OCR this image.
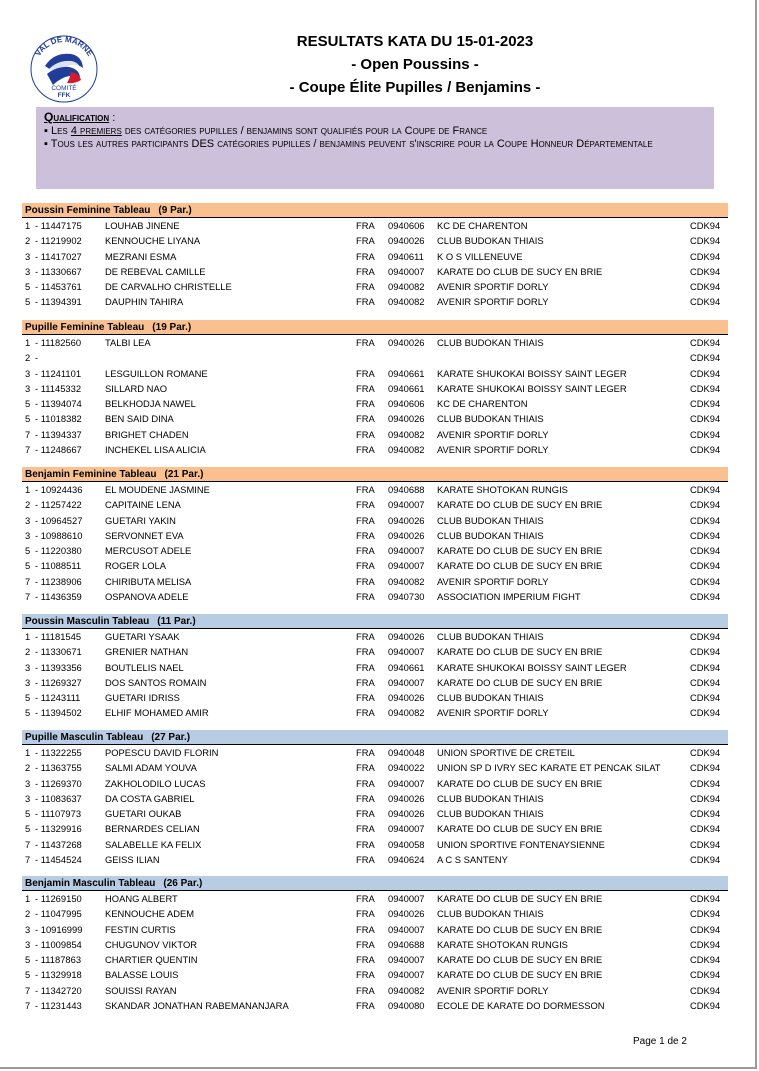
VAL DE MARNE
COMITÉ
FFK
RESULTATS KATA DU 15-01-2023
- Open Poussins -
- Coupe Élite Pupilles / Benjamins -
Qualification :
▪ Les 4 premiers des catégories pupilles / benjamins sont qualifiés pour la Coupe de France
▪ Tous les autres participants DES catégories pupilles / benjamins peuvent s'inscrire pour la Coupe Honneur Départementale
Poussin Feminine Tableau (9 Par.)
1 - 11447175 LOUHAB JINENE	FRA 0940606 KC DE CHARENTON	CDK94
2 - 11219902 KENNOUCHE LIYANA	FRA 0940026 CLUB BUDOKAN THIAIS	CDK94
3 - 11417027 MEZRANI ESMA	FRA 0940611 K O S VILLENEUVE	CDK94
3 - 11330667 DE REBEVAL CAMILLE	FRA 0940007 KARATE DO CLUB DE SUCY EN BRIE	CDK94
5 - 11453761 DE CARVALHO CHRISTELLE	FRA 0940082 AVENIR SPORTIF DORLY	CDK94
5 - 11394391 DAUPHIN TAHIRA	FRA 0940082 AVENIR SPORTIF DORLY	CDK94
Pupille Feminine Tableau (19 Par.)
1 - 11182560	TALBI LEA	FRA 0940026 CLUB BUDOKAN THIAIS	CDK94
2 -	CDK94
3 - 11241101	LESGUILLON ROMANE	FRA 0940661 KARATE SHUKOKAI BOISSY SAINT LEGER	CDK94
3 - 11145332	SILLARD NAO	FRA 0940661 KARATE SHUKOKAI BOISSY SAINT LEGER	CDK94
5 - 11394074 BELKHODJA NAWEL	FRA 0940606 KC DE CHARENTON	CDK94
5 - 11018382 BEN SAID DINA	FRA 0940026 CLUB BUDOKAN THIAIS	CDK94
7 - 11394337 BRIGHET CHADEN	FRA 0940082 AVENIR SPORTIF DORLY	CDK94
7 - 11248667 INCHEKEL LISA ALICIA	FRA 0940082 AVENIR SPORTIF DORLY	CDK94
Benjamin Feminine Tableau (21 Par.)
1 - 10924436 EL MOUDENE JASMINE	FRA 0940688 KARATE SHOTOKAN RUNGIS	CDK94
2 - 11257422 CAPITAINE LENA	FRA 0940007 KARATE DO CLUB DE SUCY EN BRIE	CDK94
3 - 10964527 GUETARI YAKIN	FRA 0940026 CLUB BUDOKAN THIAIS	CDK94
3 - 10988610 SERVONNET EVA	FRA 0940026 CLUB BUDOKAN THIAIS	CDK94
5 - 11220380 MERCUSOT ADELE	FRA 0940007 KARATE DO CLUB DE SUCY EN BRIE	CDK94
5 - 11088511	ROGER LOLA	FRA 0940007 KARATE DO CLUB DE SUCY EN BRIE	CDK94
7 - 11238906 CHIRIBUTA MELISA	FRA 0940082 AVENIR SPORTIF DORLY	CDK94
7 - 11436359 OSPANOVA ADELE	FRA 0940730 ASSOCIATION IMPERIUM FIGHT	CDK94
Poussin Masculin Tableau (11 Par.)
1 - 11181545	GUETARI YSAAK	FRA 0940026 CLUB BUDOKAN THIAIS	CDK94
2 - 11330671 GRENIER NATHAN	FRA 0940007 KARATE DO CLUB DE SUCY EN BRIE	CDK94
3 - 11393356 BOUTLELIS NAEL	FRA 0940661 KARATE SHUKOKAI BOISSY SAINT LEGER	CDK94
3 - 11269327 DOS SANTOS ROMAIN	FRA 0940007 KARATE DO CLUB DE SUCY EN BRIE	CDK94
5 - 11243111	GUETARI IDRISS	FRA 0940026 CLUB BUDOKAN THIAIS	CDK94
5 - 11394502 ELHIF MOHAMED AMIR	FRA 0940082 AVENIR SPORTIF DORLY	CDK94
Pupille Masculin Tableau (27 Par.)
1 - 11322255 POPESCU DAVID FLORIN	FRA 0940048 UNION SPORTIVE DE CRETEIL	CDK94
2 - 11363755 SALMI ADAM YOUVA	FRA 0940022 UNION SP D IVRY SEC KARATE ET PENCAK SILAT	CDK94
3 - 11269370 ZAKHOLODILO LUCAS	FRA 0940007 KARATE DO CLUB DE SUCY EN BRIE	CDK94
3 - 11083637 DA COSTA GABRIEL	FRA 0940026 CLUB BUDOKAN THIAIS	CDK94
5 - 11107973	GUETARI OUKAB	FRA 0940026 CLUB BUDOKAN THIAIS	CDK94
5 - 11329916 BERNARDES CELIAN	FRA 0940007 KARATE DO CLUB DE SUCY EN BRIE	CDK94
7 - 11437268 SALABELLE KA FELIX	FRA 0940058 UNION SPORTIVE FONTENAYSIENNE	CDK94
7 - 11454524 GEISS ILIAN	FRA 0940624 A C S SANTENY	CDK94
Benjamin Masculin Tableau (26 Par.)
1 - 11269150 HOANG ALBERT	FRA 0940007 KARATE DO CLUB DE SUCY EN BRIE	CDK94
2 - 11047995 KENNOUCHE ADEM	FRA 0940026 CLUB BUDOKAN THIAIS	CDK94
3 - 10916999 FESTIN CURTIS	FRA 0940007 KARATE DO CLUB DE SUCY EN BRIE	CDK94
3 - 11009854 CHUGUNOV VIKTOR	FRA 0940688 KARATE SHOTOKAN RUNGIS	CDK94
5 - 11187863	CHARTIER QUENTIN	FRA 0940007 KARATE DO CLUB DE SUCY EN BRIE	CDK94
5 - 11329918 BALASSE LOUIS	FRA 0940007 KARATE DO CLUB DE SUCY EN BRIE	CDK94
7 - 11342720 SOUISSI RAYAN	FRA 0940082 AVENIR SPORTIF DORLY	CDK94
7 - 11231443 SKANDAR JONATHAN RABEMANANJARA	FRA 0940080 ECOLE DE KARATE DO DORMESSON	CDK94
Page 1 de 2
